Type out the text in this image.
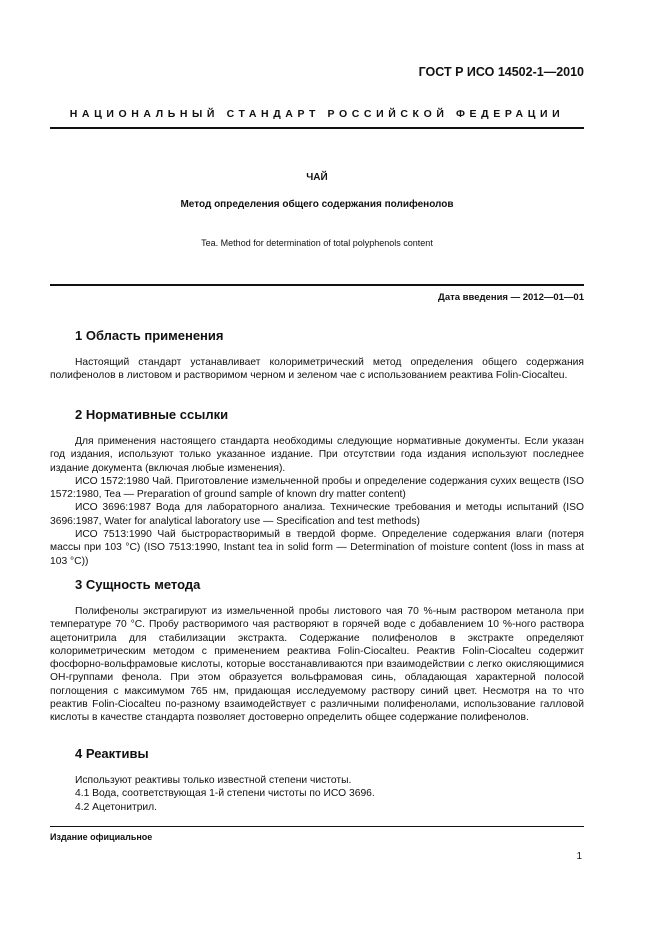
ГОСТ Р ИСО 14502-1—2010
НАЦИОНАЛЬНЫЙ СТАНДАРТ РОССИЙСКОЙ ФЕДЕРАЦИИ
ЧАЙ
Метод определения общего содержания полифенолов
Tea. Method for determination of total polyphenols content
Дата введения — 2012—01—01
1 Область применения

Настоящий стандарт устанавливает колориметрический метод определения общего содержания полифенолов в листовом и растворимом черном и зеленом чае с использованием реактива Folin-Ciocalteu.

2 Нормативные ссылки

Для применения настоящего стандарта необходимы следующие нормативные документы. Если указан год издания, используют только указанное издание. При отсутствии года издания используют последнее издание документа (включая любые изменения).

ИСО 1572:1980 Чай. Приготовление измельченной пробы и определение содержания сухих веществ (ISO 1572:1980, Tea — Preparation of ground sample of known dry matter content)

ИСО 3696:1987 Вода для лабораторного анализа. Технические требования и методы испытаний (ISO 3696:1987, Water for analytical laboratory use — Specification and test methods)

ИСО 7513:1990 Чай быстрорастворимый в твердой форме. Определение содержания влаги (потеря массы при 103 °С) (ISO 7513:1990, Instant tea in solid form — Determination of moisture content (loss in mass at 103 °C))

3 Сущность метода

Полифенолы экстрагируют из измельченной пробы листового чая 70 %-ным раствором метанола при температуре 70 °С. Пробу растворимого чая растворяют в горячей воде с добавлением 10 %-ного раствора ацетонитрила для стабилизации экстракта. Содержание полифенолов в экстракте определяют колориметрическим методом с применением реактива Folin-Ciocalteu. Реактив Folin-Ciocalteu содержит фосфорно-вольфрамовые кислоты, которые восстанавливаются при взаимодействии с легко окисляющимися ОН-группами фенола. При этом образуется вольфрамовая синь, обладающая характерной полосой поглощения с максимумом 765 нм, придающая исследуемому раствору синий цвет. Несмотря на то что реактив Folin-Ciocalteu по-разному взаимодействует с различными полифенолами, использование галловой кислоты в качестве стандарта позволяет достоверно определить общее содержание полифенолов.

4 Реактивы

Используют реактивы только известной степени чистоты.

4.1 Вода, соответствующая 1-й степени чистоты по ИСО 3696.

4.2 Ацетонитрил.

Издание официальное
1
